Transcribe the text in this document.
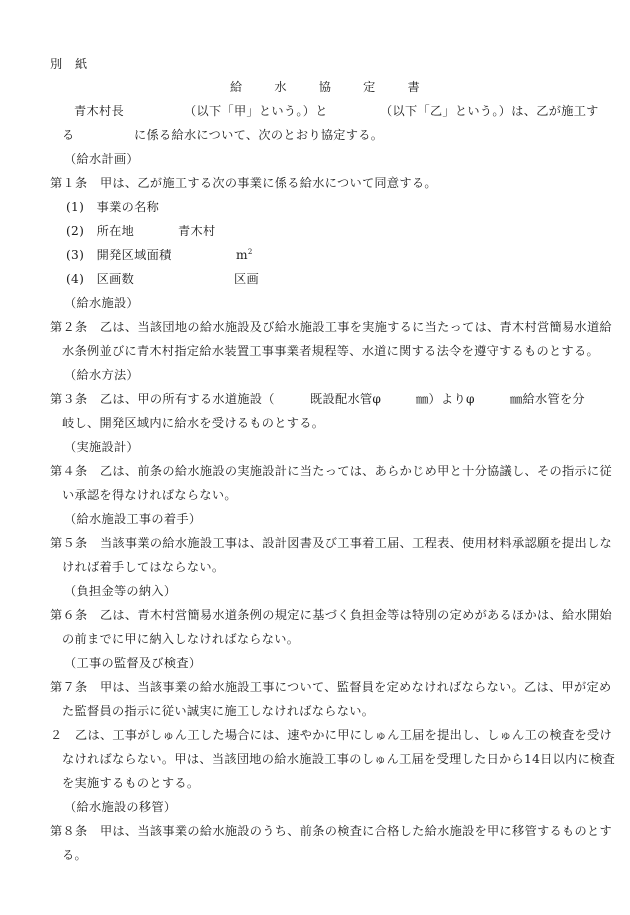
別　紙
給	水	協	定	書
青木村長	（以下「甲」という。）と	（以下「乙」という。）は、乙が施工す
る	に係る給水について、次のとおり協定する。
（給水計画）
第１条　甲は、乙が施工する次の事業に係る給水について同意する。
(1)　事業の名称
(2)　所在地	青木村
(3)　開発区域面積	$m^2$
(4)　区画数	区画
（給水施設）
第２条　乙は、当該団地の給水施設及び給水施設工事を実施するに当たっては、青木村営簡易水道給
水条例並びに青木村指定給水装置工事事業者規程等、水道に関する法令を遵守するものとする。
（給水方法）
第３条　乙は、甲の所有する水道施設（	既設配水管φ	㎜）よりφ	㎜給水管を分
岐し、開発区域内に給水を受けるものとする。
（実施設計）
第４条　乙は、前条の給水施設の実施設計に当たっては、あらかじめ甲と十分協議し、その指示に従
い承認を得なければならない。
（給水施設工事の着手）
第５条　当該事業の給水施設工事は、設計図書及び工事着工届、工程表、使用材料承認願を提出しな
ければ着手してはならない。
（負担金等の納入）
第６条　乙は、青木村営簡易水道条例の規定に基づく負担金等は特別の定めがあるほかは、給水開始
の前までに甲に納入しなければならない。
（工事の監督及び検査）
第７条　甲は、当該事業の給水施設工事について、監督員を定めなければならない。乙は、甲が定め
た監督員の指示に従い誠実に施工しなければならない。
２　乙は、工事がしゅん工した場合には、速やかに甲にしゅん工届を提出し、しゅん工の検査を受け
なければならない。甲は、当該団地の給水施設工事のしゅん工届を受理した日から14日以内に検査
を実施するものとする。
（給水施設の移管）
第８条　甲は、当該事業の給水施設のうち、前条の検査に合格した給水施設を甲に移管するものとす
る。
